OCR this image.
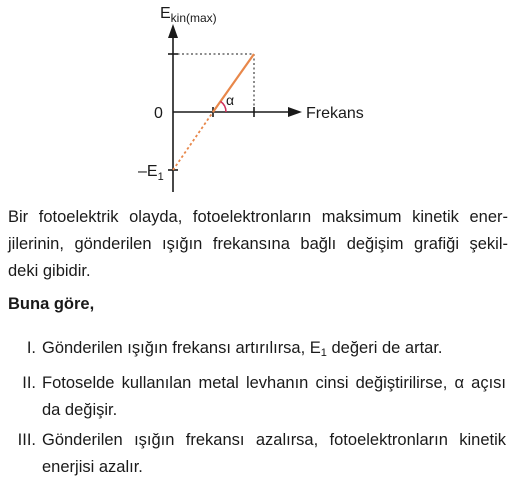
$E_{kin(max)}$
Frekans
0
$-E_1$
α
Bir fotoelektrik olayda, fotoelektronların maksimum kinetik ener-
jilerinin, gönderilen ışığın frekansına bağlı değişim grafiği şekil-
deki gibidir.
Buna göre,
I. Gönderilen ışığın frekansı artırılırsa, $E_1$ değeri de artar.
II. Fotoselde kullanılan metal levhanın cinsi değiştirilirse, α açısı
da değişir.
III. Gönderilen ışığın frekansı azalırsa, fotoelektronların kinetik
enerjisi azalır.
